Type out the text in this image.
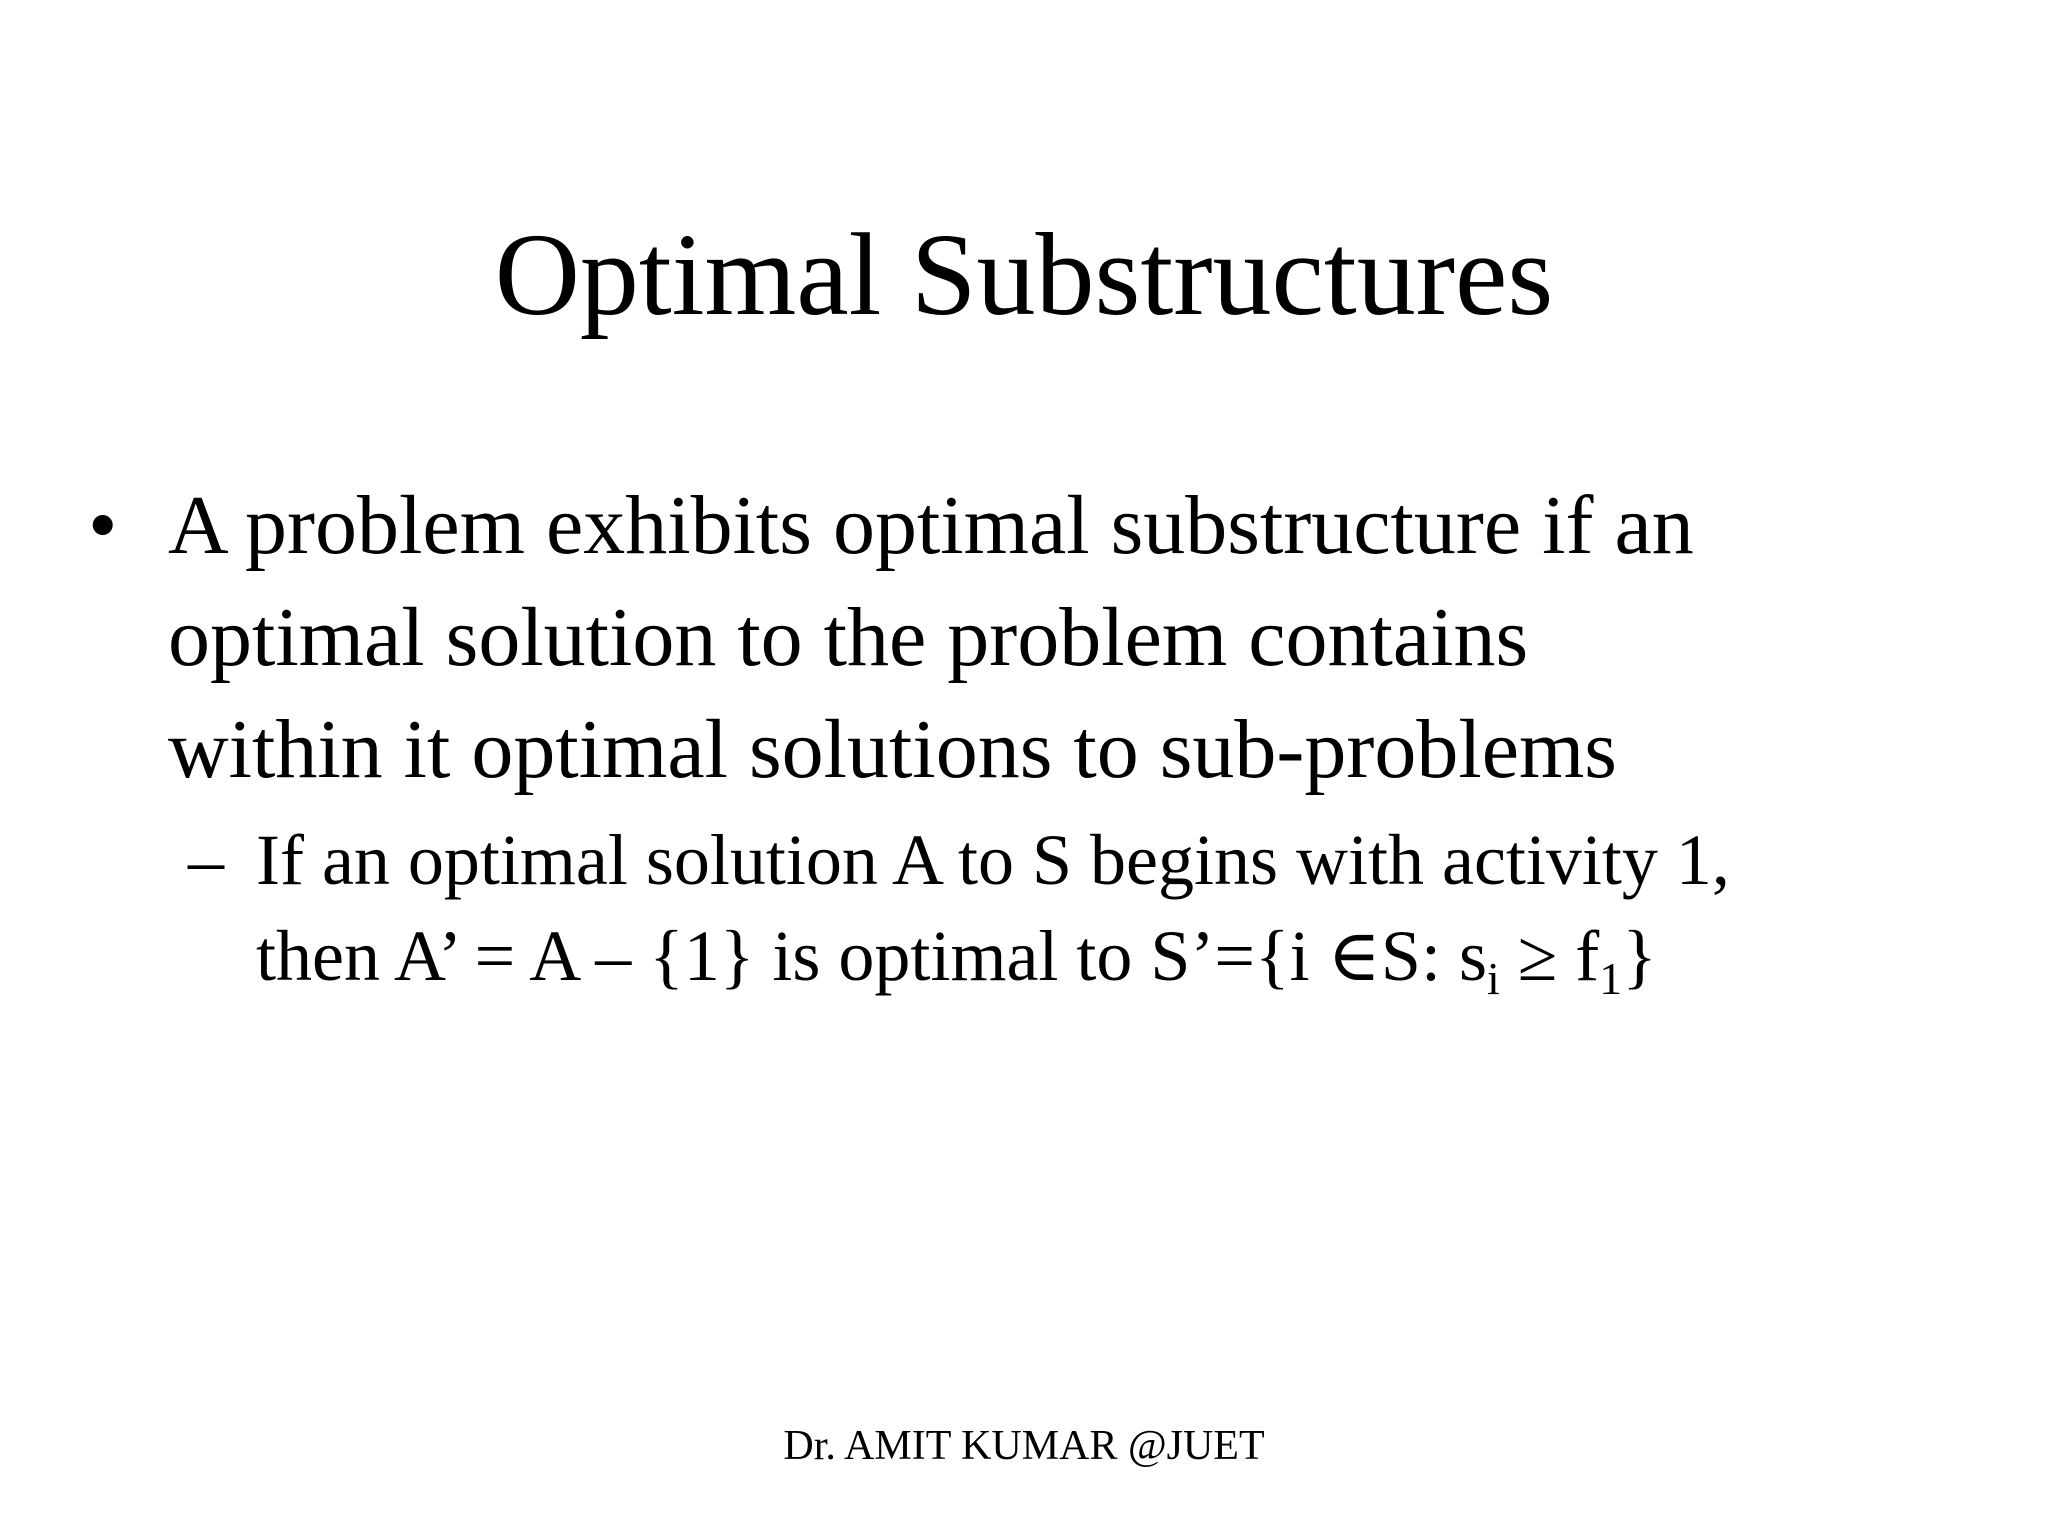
Optimal Substructures
• A problem exhibits optimal substructure if an
optimal solution to the problem contains
within it optimal solutions to sub-problems
– If an optimal solution A to S begins with activity 1,
then A’ = A – {1} is optimal to S’={i ∈S: $s_i \ge f_1$}
Dr. AMIT KUMAR @JUET
